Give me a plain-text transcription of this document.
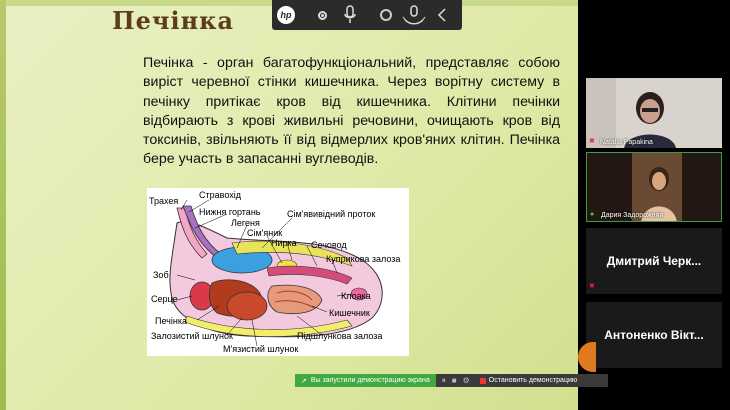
Печінка
Печінка - орган багатофункціональний, представляє собою виріст черевної стінки кишечника. Через ворітну систему в печінку притікає кров від кишечника. Клітини печінки відбирають з крові живильні речовини, очищають кров від токсинів, звільняють її від відмерлих кров'яних клітин. Печінка бере участь в запасанні вуглеводів.
Трахея
Стравохід
Нижня гортань
Легеня
Сім'явивідний проток
Сім'яник
Нирка Сечовод
Куприкова залоза
Зоб
Серце	Клоака
Печінка
Кишечник
Залозистий шлунок	Підшлункова залоза
М'язистий шлунок
hp
✖ Natalia Papakina
● Дария Задорожняя
Дмитрий Черк...
✖
Антоненко Вікт...
↗ Вы запустили демонстрацию экрана ⏸ ■ ⚙	Остановить демонстрацию
